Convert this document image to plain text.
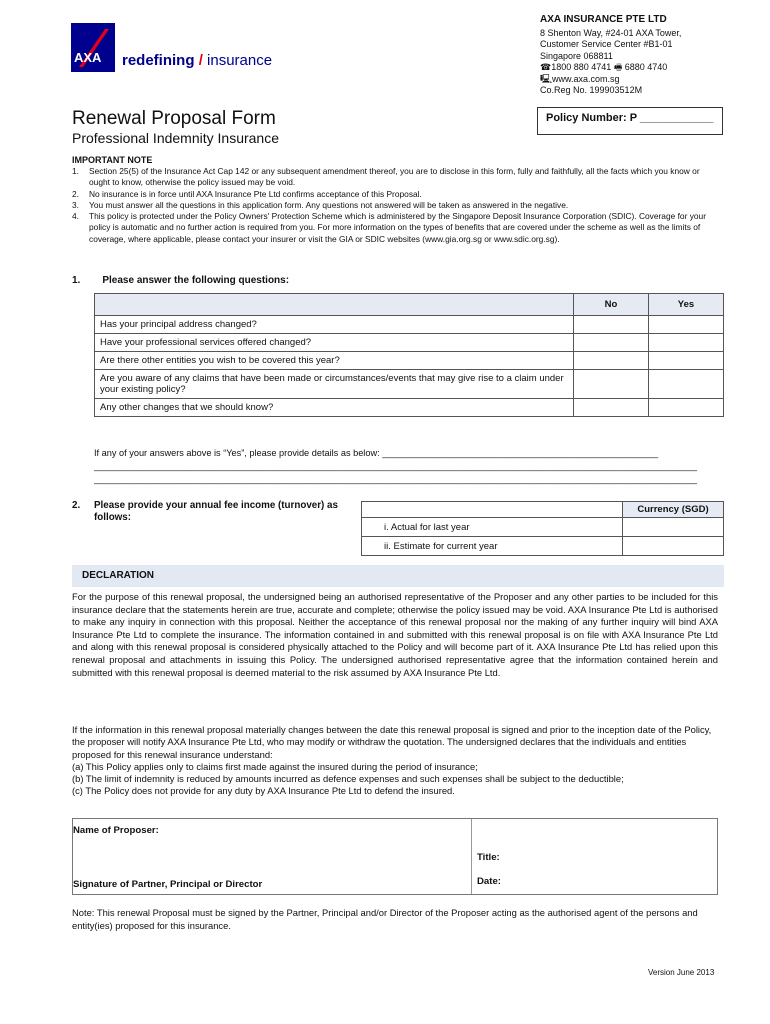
AXA redefining / insurance
AXA INSURANCE PTE LTD
8 Shenton Way, #24-01 AXA Tower,
Customer Service Center #B1-01
Singapore 068811
☎1800 880 4741 🖷 6880 4740
🖳www.axa.com.sg
Co.Reg No. 199903512M
Renewal Proposal Form
Professional Indemnity Insurance
Policy Number: P ____________
IMPORTANT NOTE
1.	Section 25(5) of the Insurance Act Cap 142 or any subsequent amendment thereof, you are to disclose in this form, fully and faithfully, all the facts which you know or ought to know, otherwise the policy issued may be void.
2.	No insurance is in force until AXA Insurance Pte Ltd confirms acceptance of this Proposal.
3.	You must answer all the questions in this application form. Any questions not answered will be taken as answered in the negative.
4.	This policy is protected under the Policy Owners' Protection Scheme which is administered by the Singapore Deposit Insurance Corporation (SDIC). Coverage for your policy is automatic and no further action is required from you. For more information on the types of benefits that are covered under the scheme as well as the limits of coverage, where applicable, please contact your insurer or visit the GIA or SDIC websites (www.gia.org.sg or www.sdic.org.sg).
1. Please answer the following questions:
	No	Yes
Has your principal address changed?		
Have your professional services offered changed?		
Are there other entities you wish to be covered this year?		
Are you aware of any claims that have been made or circumstances/events that may give rise to a claim under your existing policy?		
Any other changes that we should know?		
If any of your answers above is “Yes”, please provide details as below: ______________________________________________________
______________________________________________________________________________________________________________________
______________________________________________________________________________________________________________________
2. Please provide your annual fee income (turnover) as follows:
	Currency (SGD)
i. Actual for last year	
ii. Estimate for current year	
DECLARATION
For the purpose of this renewal proposal, the undersigned being an authorised representative of the Proposer and any other parties to be included for this insurance declare that the statements herein are true, accurate and complete; otherwise the policy issued may be void. AXA Insurance Pte Ltd is authorised to make any inquiry in connection with this proposal. Neither the acceptance of this renewal proposal nor the making of any further inquiry will bind AXA Insurance Pte Ltd to complete the insurance. The information contained in and submitted with this renewal proposal is on file with AXA Insurance Pte Ltd and along with this renewal proposal is considered physically attached to the Policy and will become part of it. AXA Insurance Pte Ltd has relied upon this renewal proposal and attachments in issuing this Policy. The undersigned authorised representative agree that the information contained herein and submitted with this renewal proposal is deemed material to the risk assumed by AXA Insurance Pte Ltd.
If the information in this renewal proposal materially changes between the date this renewal proposal is signed and prior to the inception date of the Policy, the proposer will notify AXA Insurance Pte Ltd, who may modify or withdraw the quotation. The undersigned declares that the individuals and entities proposed for this renewal insurance understand:
(a) This Policy applies only to claims first made against the insured during the period of insurance;
(b) The limit of indemnity is reduced by amounts incurred as defence expenses and such expenses shall be subject to the deductible;
(c) The Policy does not provide for any duty by AXA Insurance Pte Ltd to defend the insured.
Name of Proposer:
Title:
Signature of Partner, Principal or Director	Date:
Note: This renewal Proposal must be signed by the Partner, Principal and/or Director of the Proposer acting as the authorised agent of the persons and entity(ies) proposed for this insurance.
Version June 2013
